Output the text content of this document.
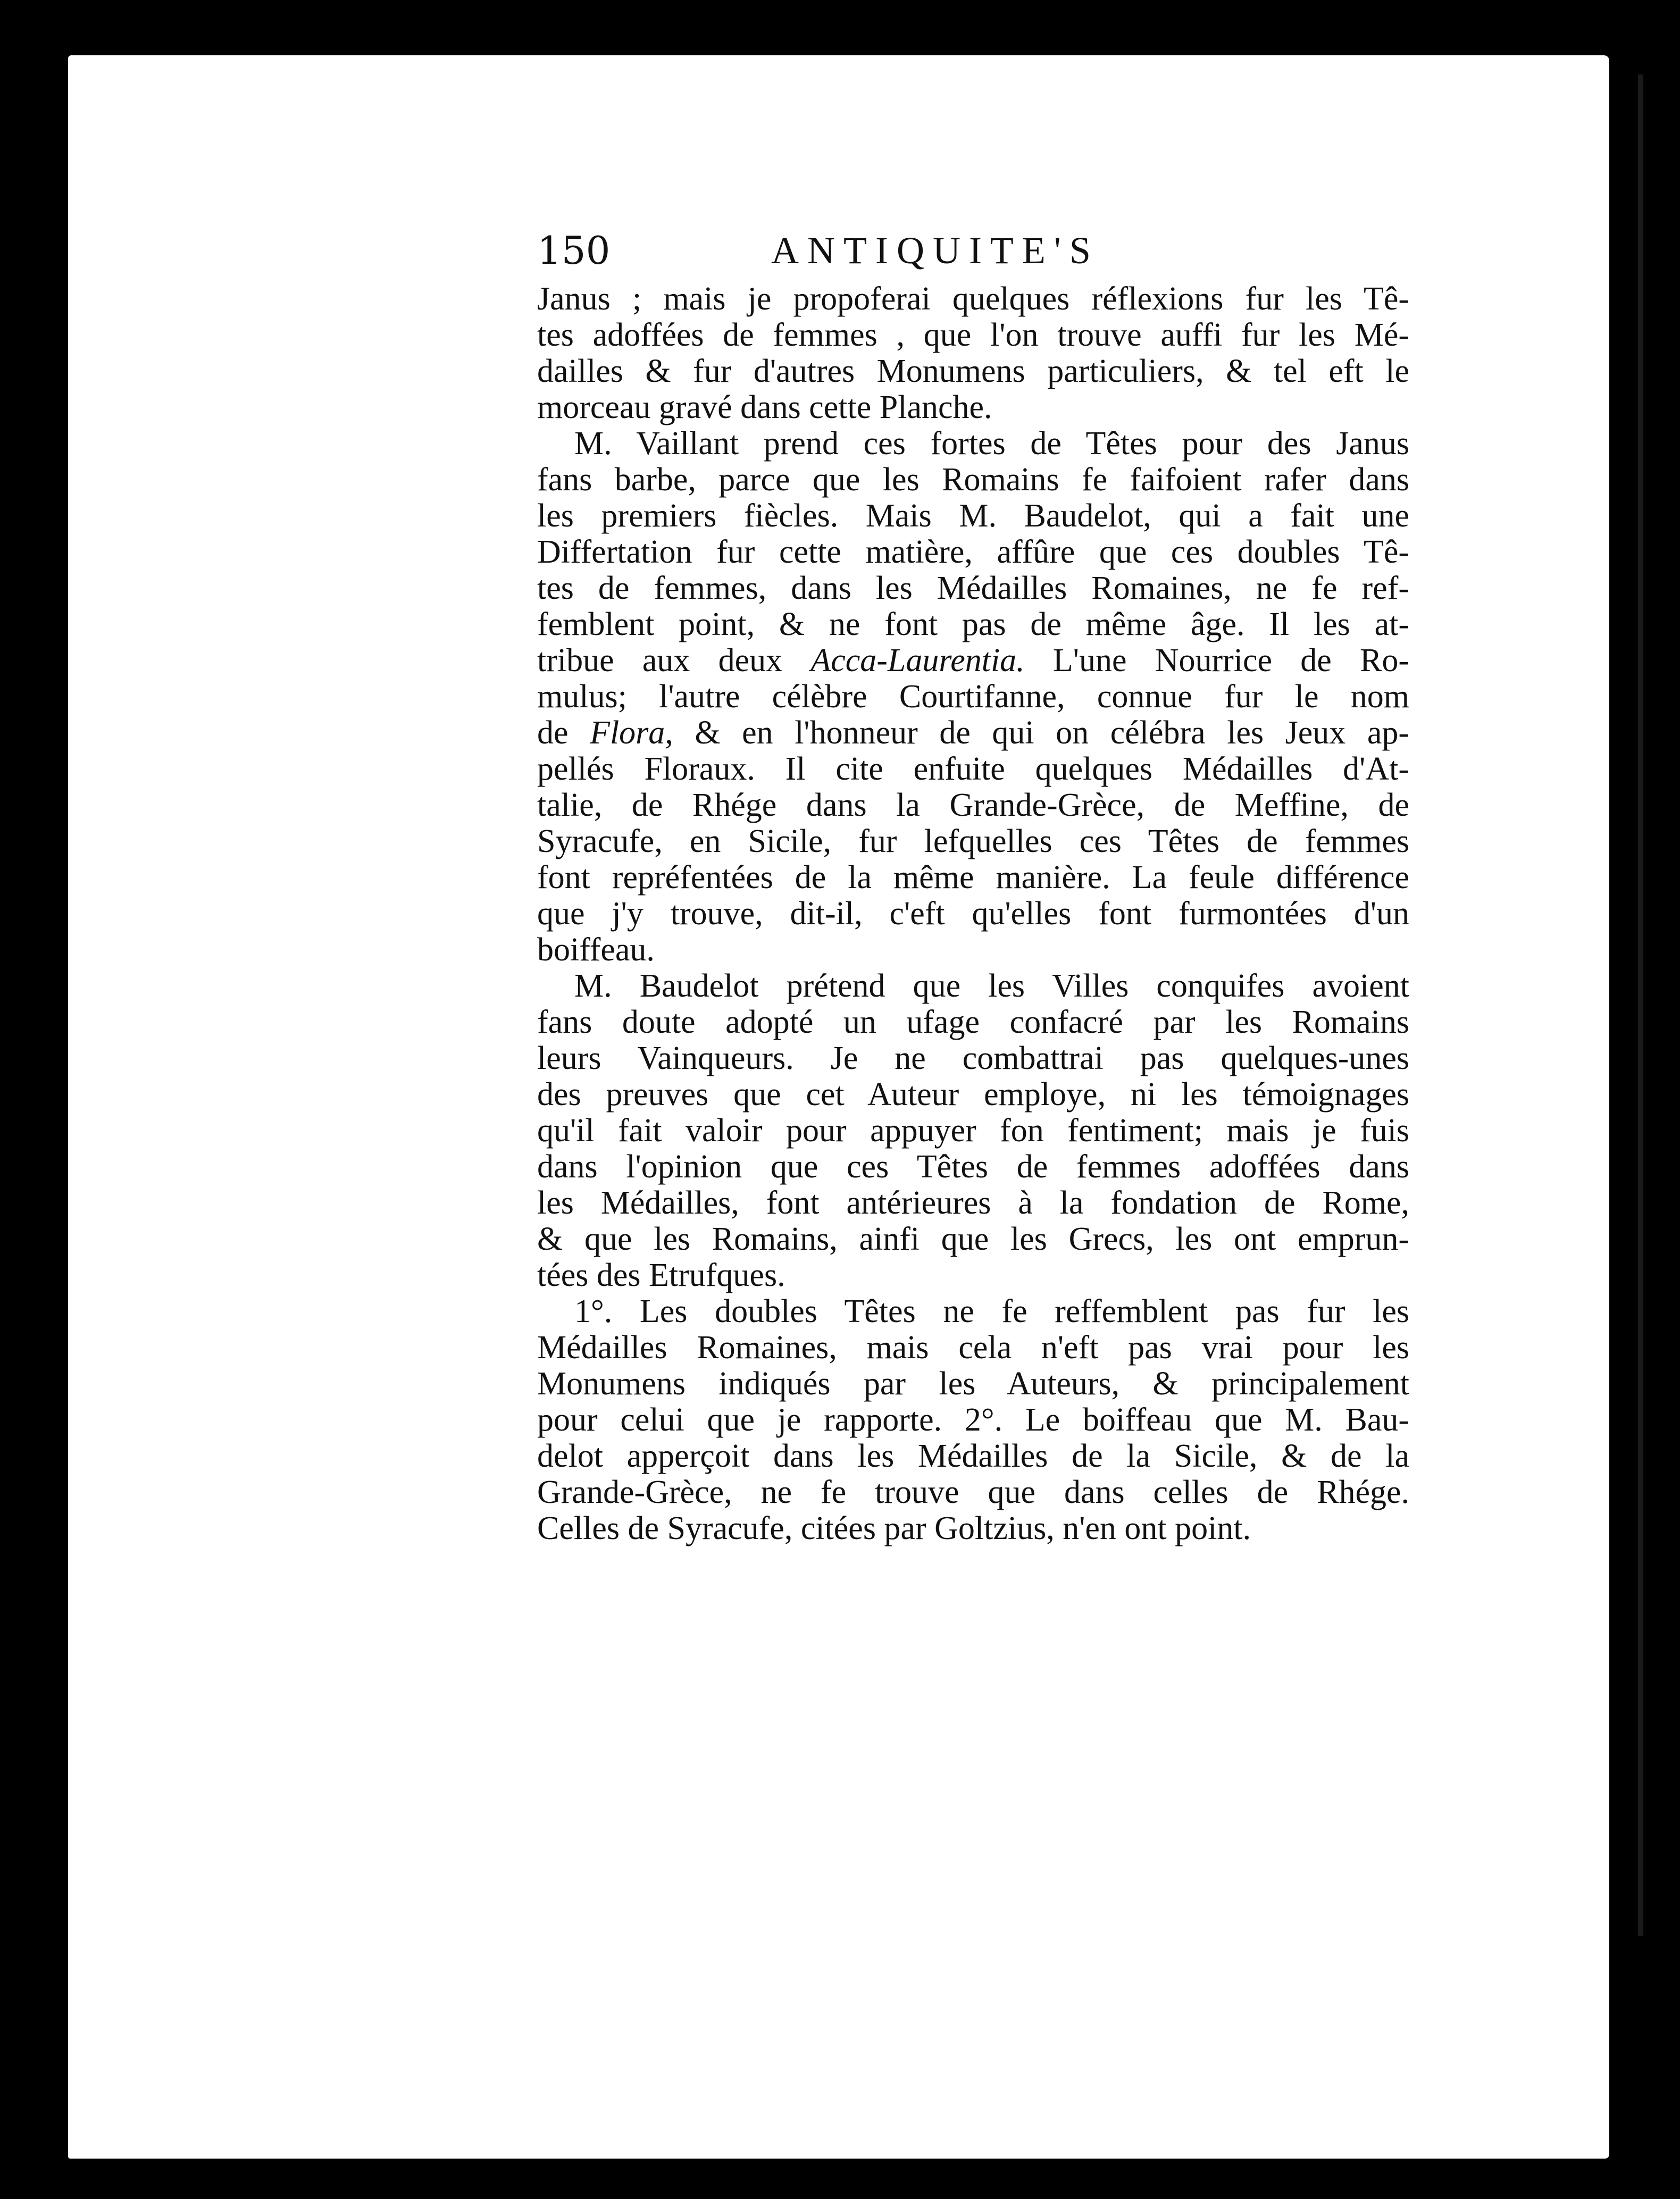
150	ANTIQUITE'S
Janus ; mais je propoferai quelques réflexions fur les Tê-
tes adoffées de femmes , que l'on trouve auffi fur les Mé-
dailles & fur d'autres Monumens particuliers, & tel eft le
morceau gravé dans cette Planche.
M. Vaillant prend ces fortes de Têtes pour des Janus
fans barbe, parce que les Romains fe faifoient rafer dans
les premiers fiècles. Mais M. Baudelot, qui a fait une
Differtation fur cette matière, affûre que ces doubles Tê-
tes de femmes, dans les Médailles Romaines, ne fe ref-
femblent point, & ne font pas de même âge. Il les at-
tribue aux deux Acca-Laurentia. L'une Nourrice de Ro-
mulus; l'autre célèbre Courtifanne, connue fur le nom
de Flora, & en l'honneur de qui on célébra les Jeux ap-
pellés Floraux. Il cite enfuite quelques Médailles d'At-
talie, de Rhége dans la Grande-Grèce, de Meffine, de
Syracufe, en Sicile, fur lefquelles ces Têtes de femmes
font repréfentées de la même manière. La feule différence
que j'y trouve, dit-il, c'eft qu'elles font furmontées d'un
boiffeau.
M. Baudelot prétend que les Villes conquifes avoient
fans doute adopté un ufage confacré par les Romains
leurs Vainqueurs. Je ne combattrai pas quelques-unes
des preuves que cet Auteur employe, ni les témoignages
qu'il fait valoir pour appuyer fon fentiment; mais je fuis
dans l'opinion que ces Têtes de femmes adoffées dans
les Médailles, font antérieures à la fondation de Rome,
& que les Romains, ainfi que les Grecs, les ont emprun-
tées des Etrufques.
1°. Les doubles Têtes ne fe reffemblent pas fur les
Médailles Romaines, mais cela n'eft pas vrai pour les
Monumens indiqués par les Auteurs, & principalement
pour celui que je rapporte. 2°. Le boiffeau que M. Bau-
delot apperçoit dans les Médailles de la Sicile, & de la
Grande-Grèce, ne fe trouve que dans celles de Rhége.
Celles de Syracufe, citées par Goltzius, n'en ont point.
